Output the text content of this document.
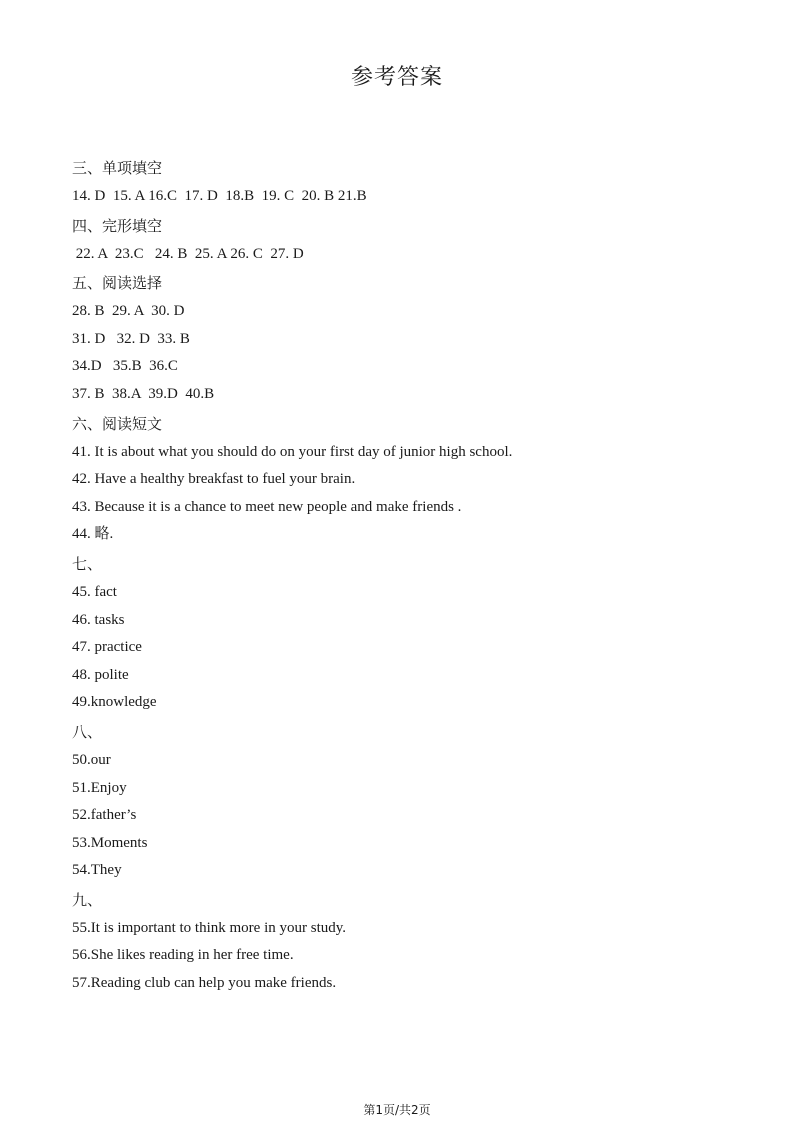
参考答案
三、单项填空
14. D  15. A 16.C  17. D  18.B  19. C  20. B 21.B
四、完形填空
22. A  23.C   24. B  25. A 26. C  27. D
五、阅读选择
28. B  29. A  30. D
31. D   32. D  33. B
34.D   35.B  36.C
37. B  38.A  39.D  40.B
六、阅读短文
41. It is about what you should do on your first day of junior high school.
42. Have a healthy breakfast to fuel your brain.
43. Because it is a chance to meet new people and make friends .
44. 略.
七、
45. fact
46. tasks
47. practice
48. polite
49.knowledge
八、
50.our
51.Enjoy
52.father’s
53.Moments
54.They
九、
55.It is important to think more in your study.
56.She likes reading in her free time.
57.Reading club can help you make friends.
第1页/共2页
